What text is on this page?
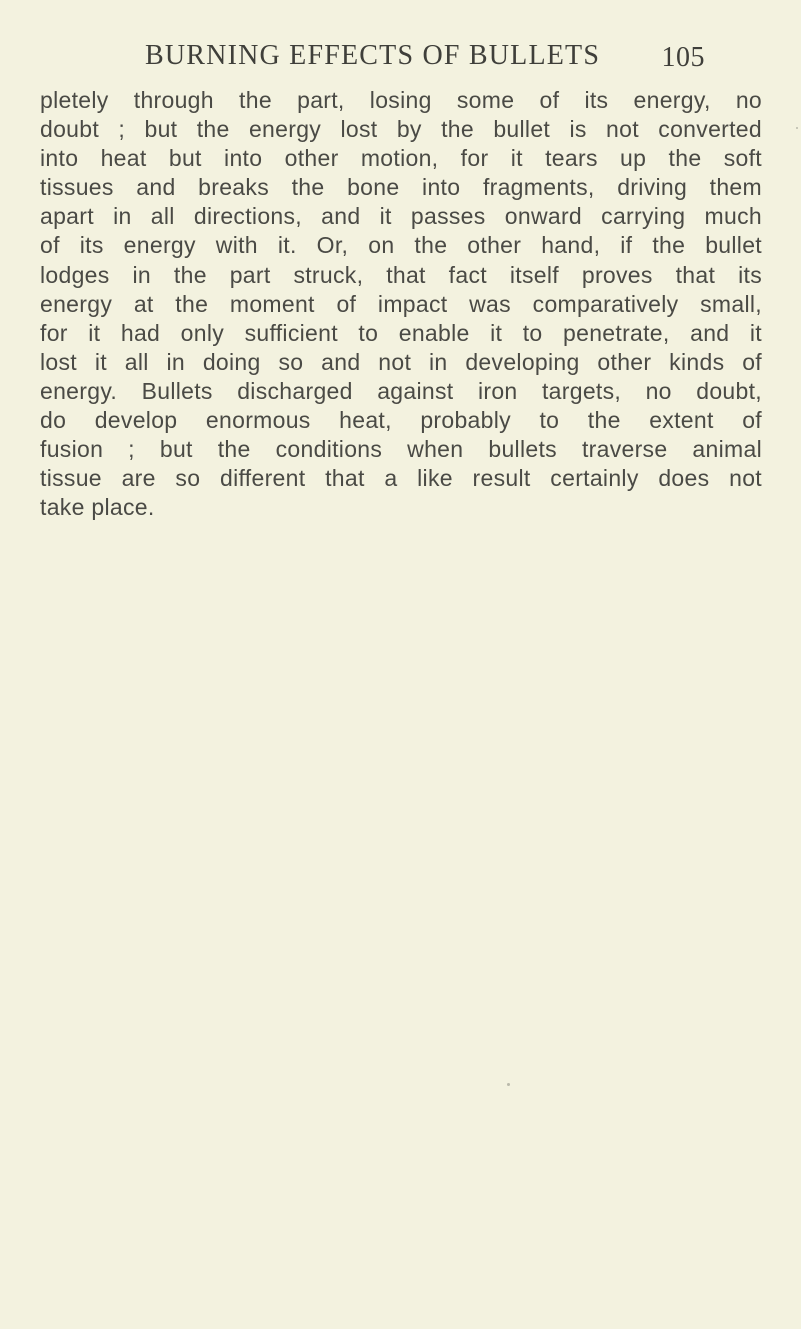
BURNING EFFECTS OF BULLETS 105
pletely through the part, losing some of its energy, no
doubt ; but the energy lost by the bullet is not converted
into heat but into other motion, for it tears up the soft
tissues and breaks the bone into fragments, driving them
apart in all directions, and it passes onward carrying much
of its energy with it. Or, on the other hand, if the bullet
lodges in the part struck, that fact itself proves that its
energy at the moment of impact was comparatively small,
for it had only sufficient to enable it to penetrate, and it
lost it all in doing so and not in developing other kinds of
energy. Bullets discharged against iron targets, no doubt,
do develop enormous heat, probably to the extent of
fusion ; but the conditions when bullets traverse animal
tissue are so different that a like result certainly does not
take place.
